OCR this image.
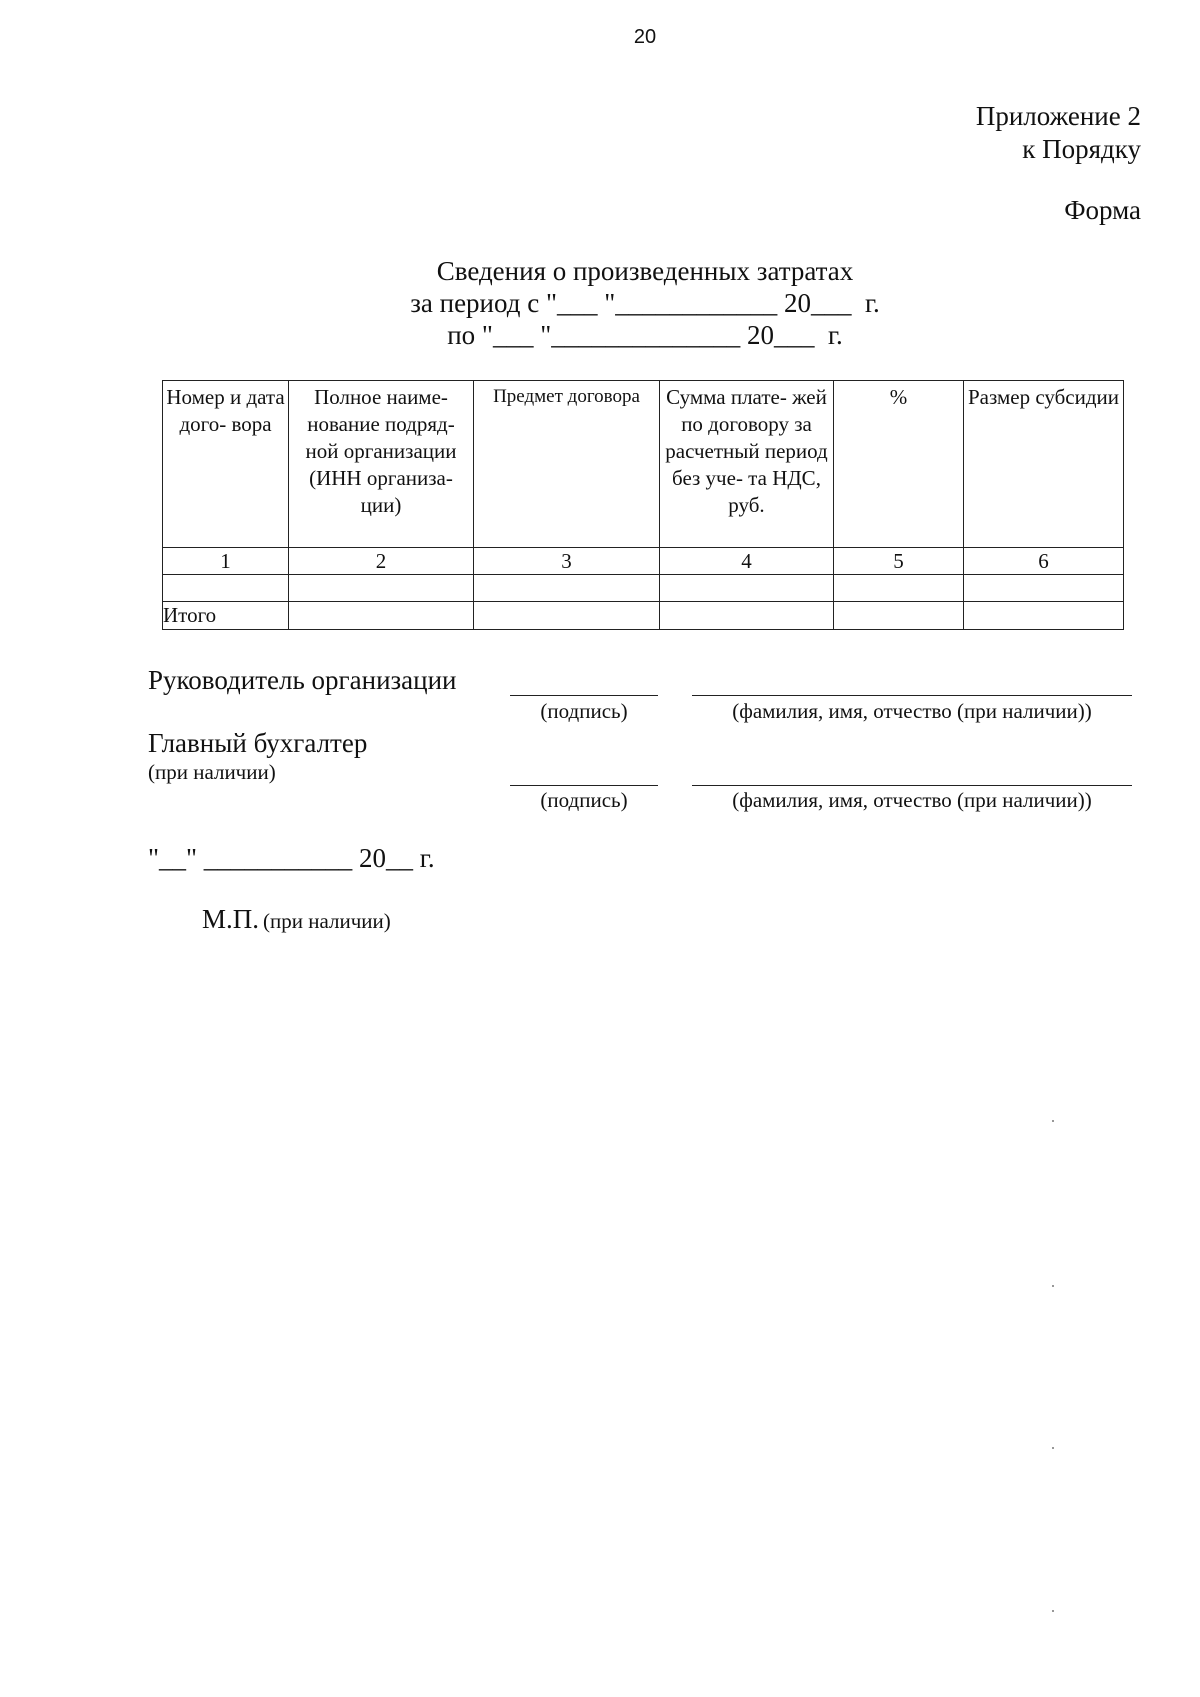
20
Приложение 2
к Порядку
Форма
Сведения о произведенных затратах
за период с "___ "____________ 20___  г.
по "___ "______________ 20___  г.
Номер и дата дого- вора	Полное наиме- нование подряд- ной организации (ИНН организа- ции)	Предмет договора	Сумма плате- жей по договору за расчетный период без уче- та НДС, руб.	%	Размер субсидии
1	2	3	4	5	6

Итого					
Руководитель организации
(подпись)	(фамилия, имя, отчество (при наличии))
Главный бухгалтер
(при наличии)
(подпись)	(фамилия, имя, отчество (при наличии))
"__" ___________ 20__ г.
М.П. (при наличии)
